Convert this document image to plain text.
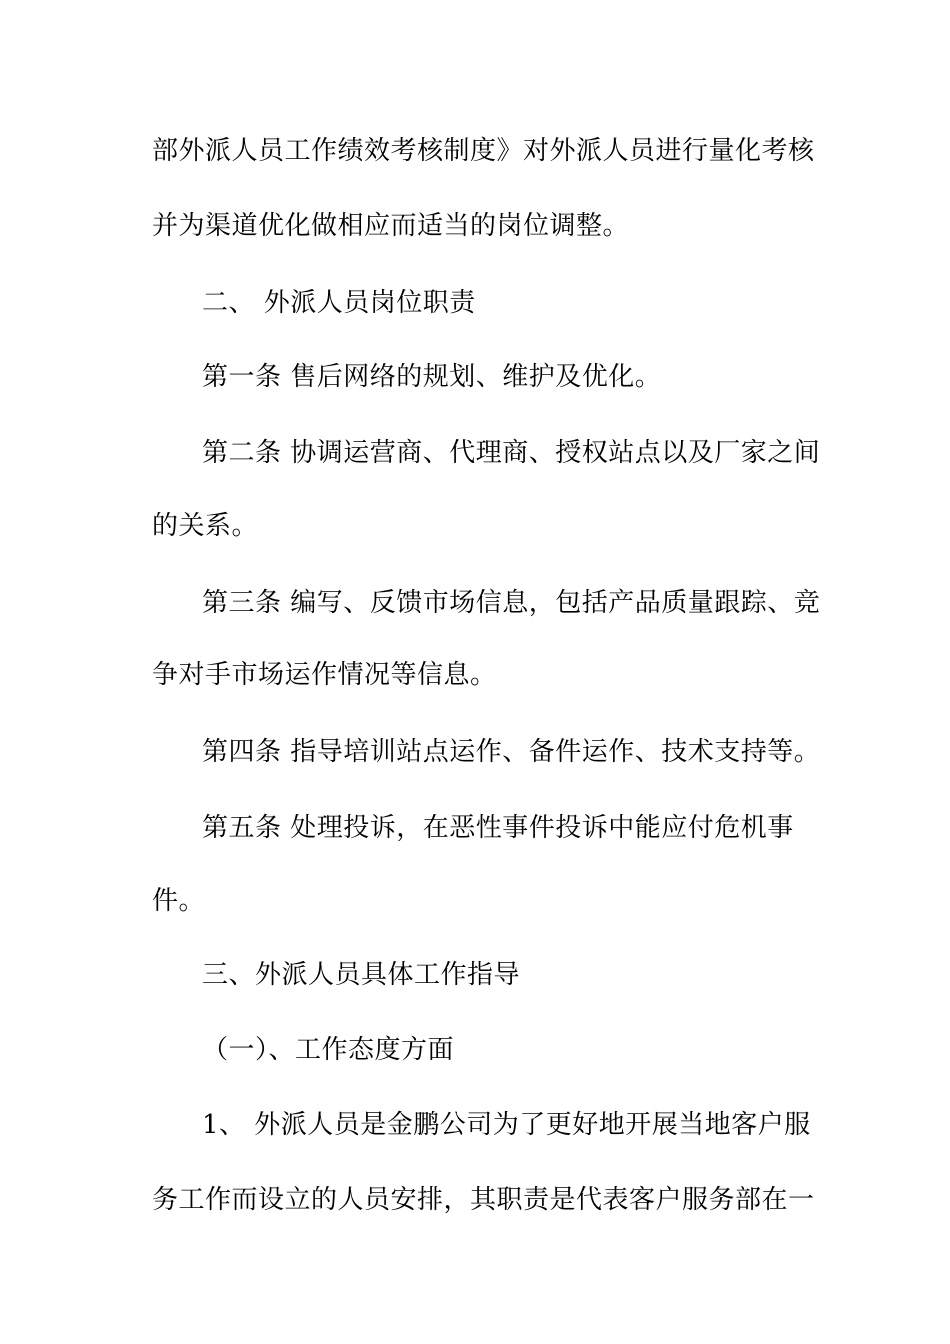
部外派人员工作绩效考核制度》对外派人员进行量化考核
并为渠道优化做相应而适当的岗位调整。
二、 外派人员岗位职责
第一条 售后网络的规划、维护及优化。
第二条 协调运营商、代理商、授权站点以及厂家之间
的关系。
第三条 编写、反馈市场信息，包括产品质量跟踪、竞
争对手市场运作情况等信息。
第四条 指导培训站点运作、备件运作、技术支持等。
第五条 处理投诉，在恶性事件投诉中能应付危机事
件。
三、外派人员具体工作指导
（一）、工作态度方面
1、 外派人员是金鹏公司为了更好地开展当地客户服
务工作而设立的人员安排，其职责是代表客户服务部在一
